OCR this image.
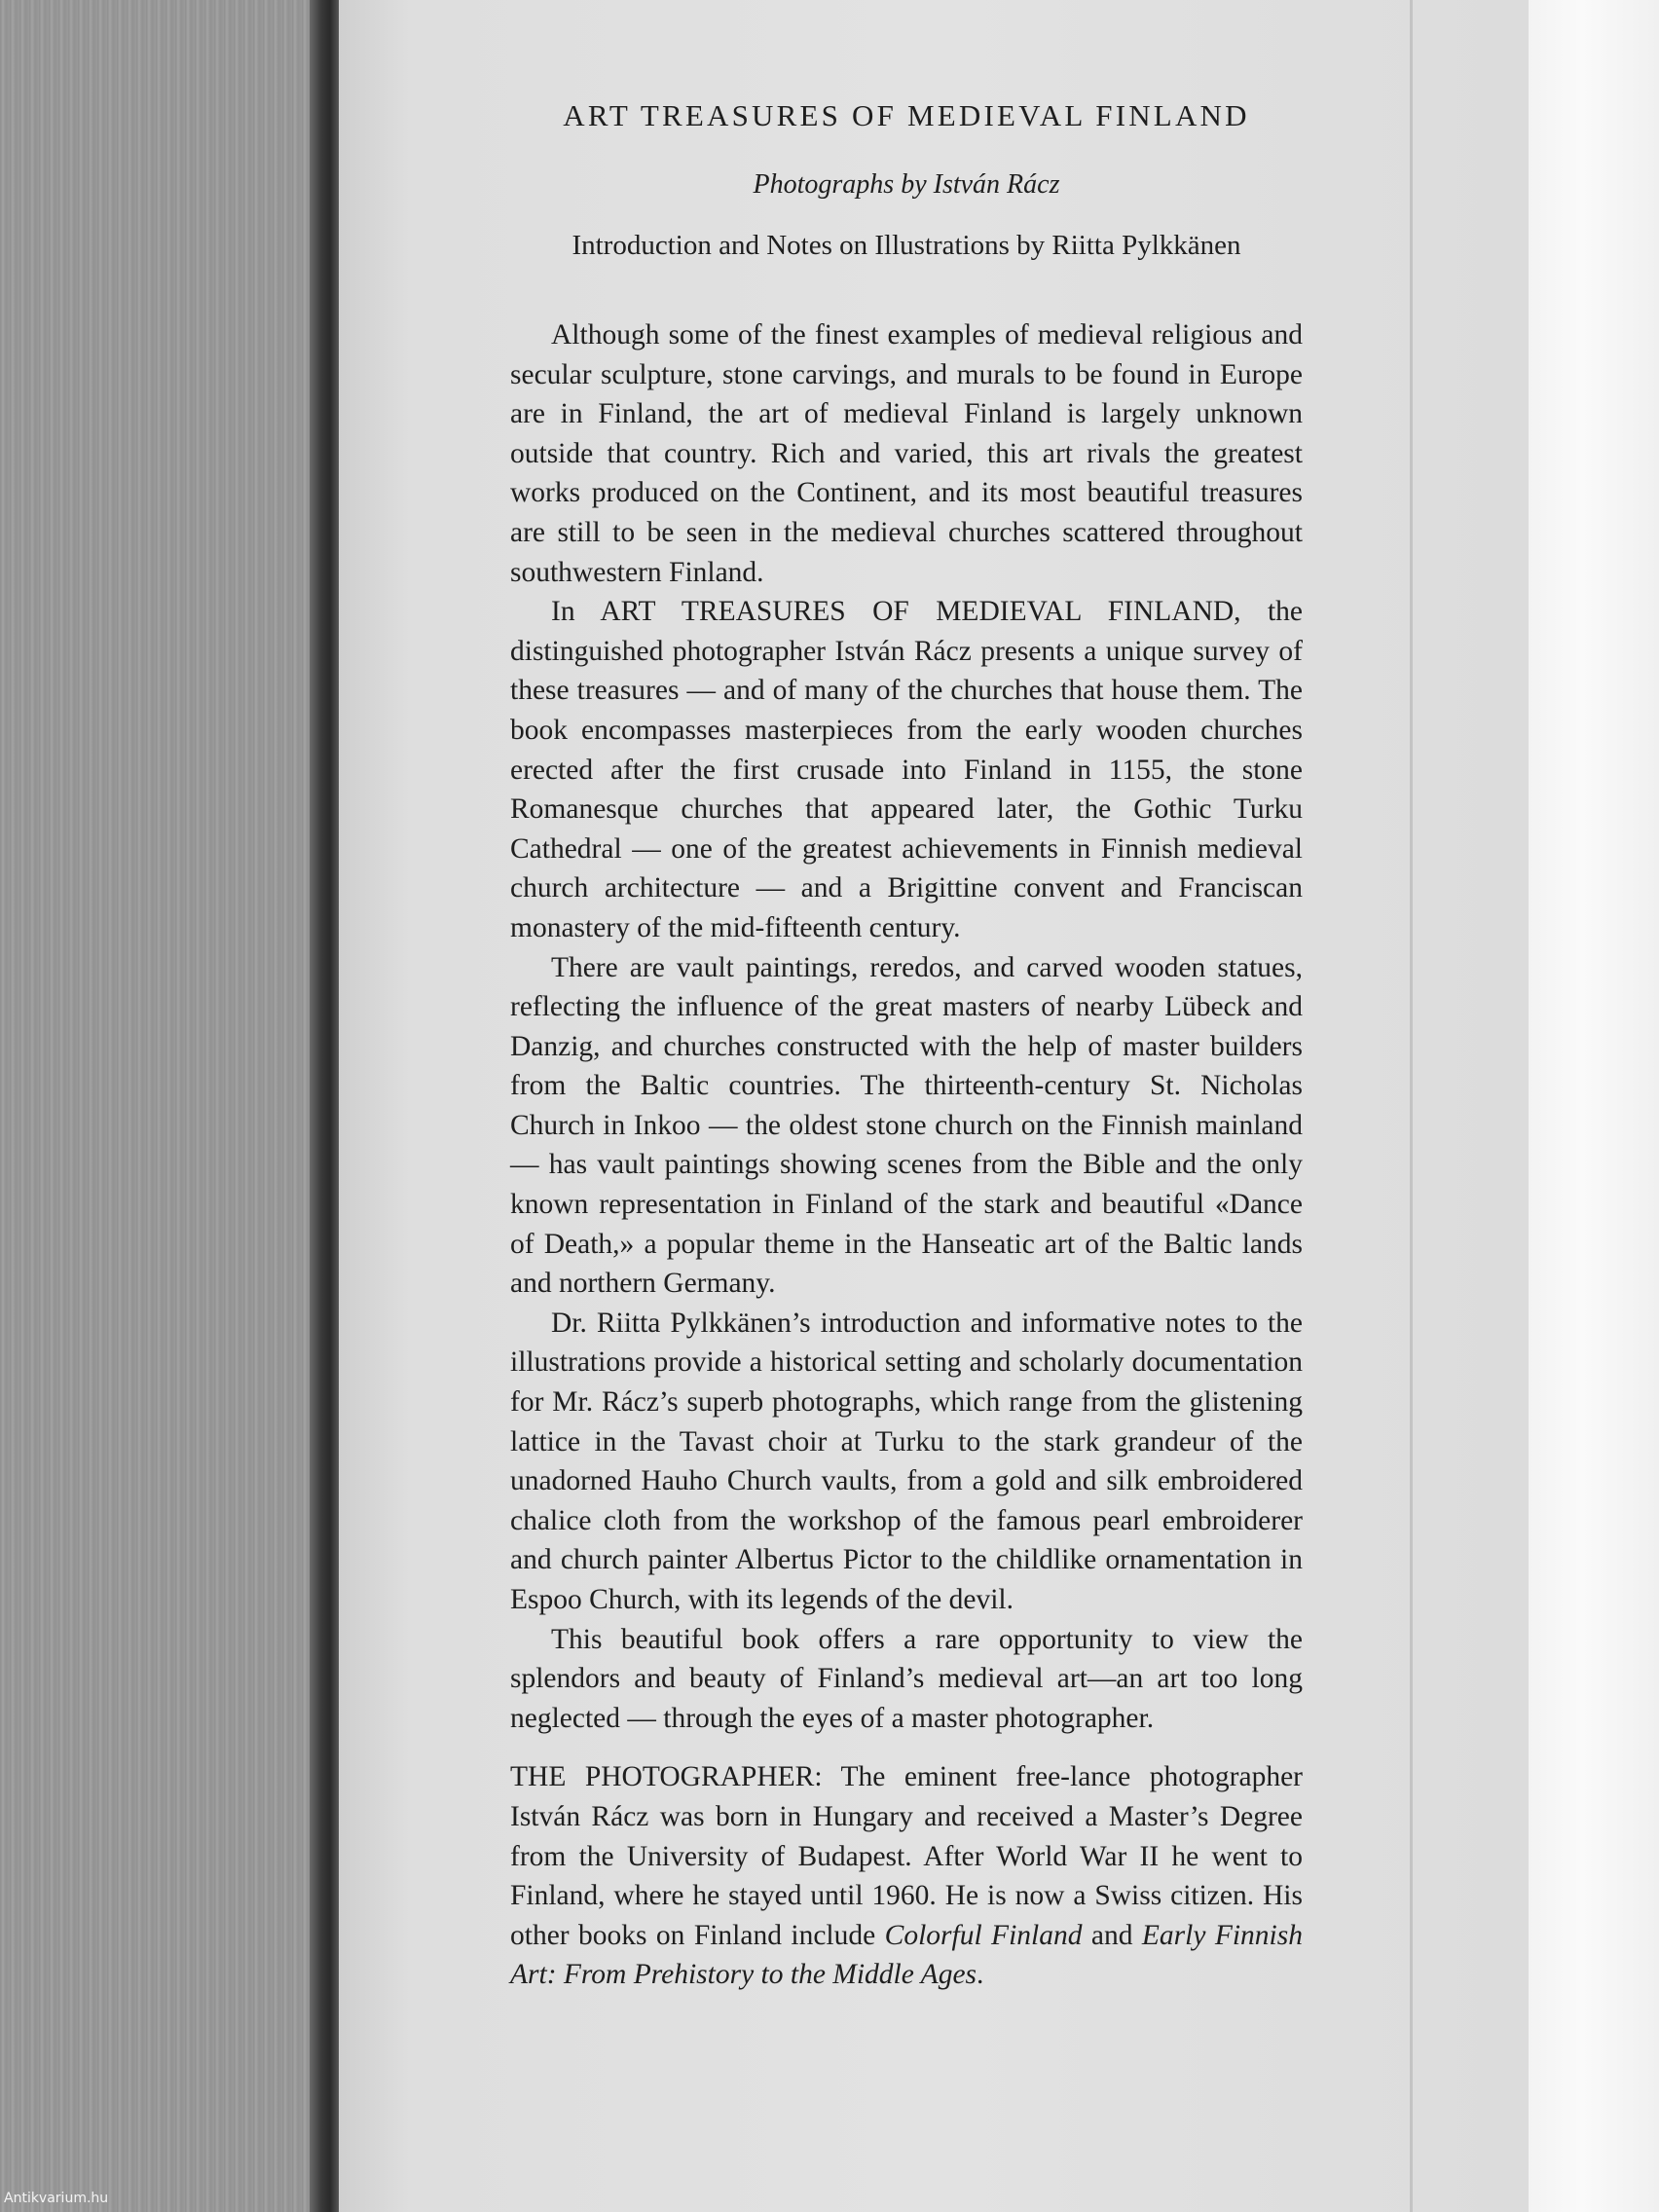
ART TREASURES OF MEDIEVAL FINLAND

Photographs by István Rácz

Introduction and Notes on Illustrations by Riitta Pylkkänen

Although some of the finest examples of medieval religious and secular sculpture, stone carvings, and murals to be found in Europe are in Finland, the art of medieval Finland is largely unknown outside that country. Rich and varied, this art rivals the greatest works produced on the Continent, and its most beautiful treasures are still to be seen in the medieval churches scattered throughout southwestern Finland.

In ART TREASURES OF MEDIEVAL FINLAND, the distinguished photographer István Rácz presents a unique survey of these treasures — and of many of the churches that house them. The book encompasses masterpieces from the early wooden churches erected after the first crusade into Finland in 1155, the stone Romanesque churches that appeared later, the Gothic Turku Cathedral — one of the greatest achievements in Finnish medieval church architecture — and a Brigittine convent and Franciscan monastery of the mid-fifteenth century.

There are vault paintings, reredos, and carved wooden statues, reflecting the influence of the great masters of nearby Lübeck and Danzig, and churches constructed with the help of master builders from the Baltic countries. The thirteenth-century St. Nicholas Church in Inkoo — the oldest stone church on the Finnish mainland — has vault paintings showing scenes from the Bible and the only known representation in Finland of the stark and beautiful «Dance of Death,» a popular theme in the Hanseatic art of the Baltic lands and northern Germany.

Dr. Riitta Pylkkänen’s introduction and informative notes to the illustrations provide a historical setting and scholarly documentation for Mr. Rácz’s superb photographs, which range from the glistening lattice in the Tavast choir at Turku to the stark grandeur of the unadorned Hauho Church vaults, from a gold and silk embroidered chalice cloth from the workshop of the famous pearl embroiderer and church painter Albertus Pictor to the childlike ornamentation in Espoo Church, with its legends of the devil.

This beautiful book offers a rare opportunity to view the splendors and beauty of Finland’s medieval art—an art too long neglected — through the eyes of a master photographer.

THE PHOTOGRAPHER: The eminent free-lance photographer István Rácz was born in Hungary and received a Master’s Degree from the University of Budapest. After World War II he went to Finland, where he stayed until 1960. He is now a Swiss citizen. His other books on Finland include Colorful Finland and Early Finnish Art: From Prehistory to the Middle Ages.

Antikvarium.hu
